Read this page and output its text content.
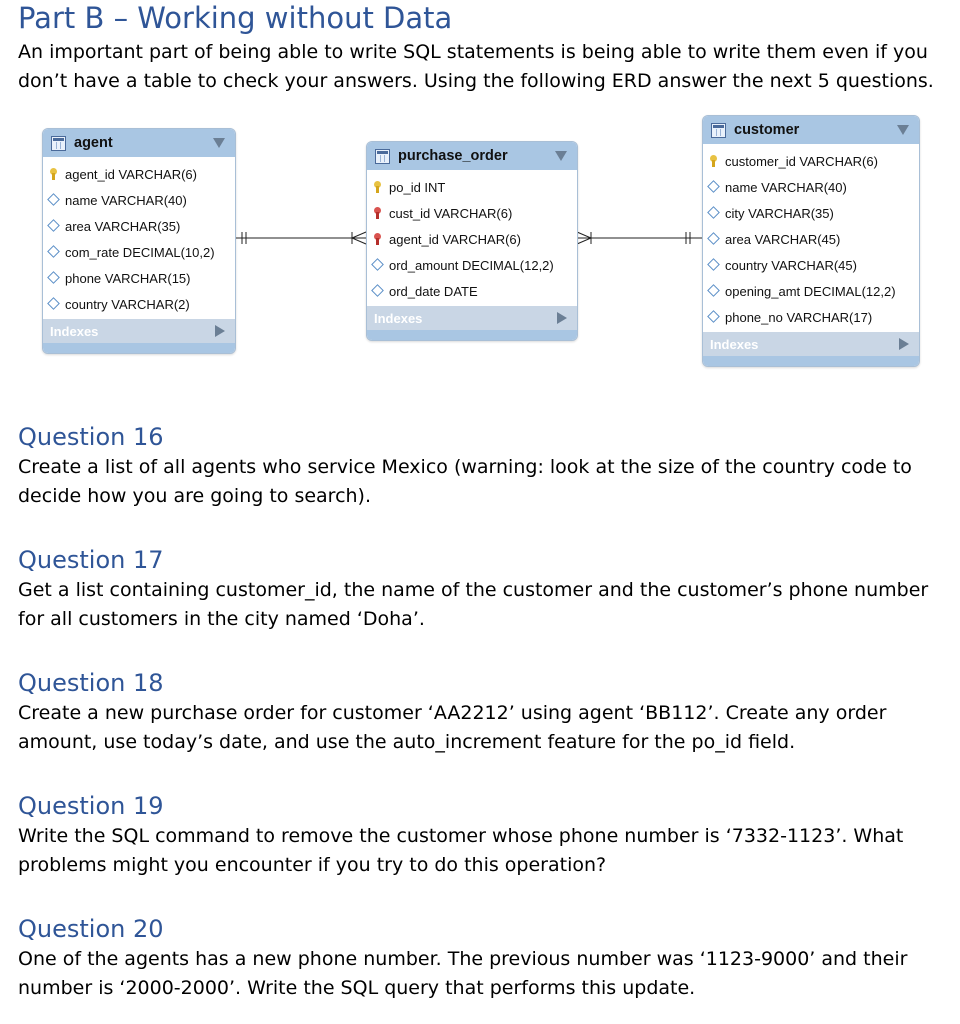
Part B – Working without Data

An important part of being able to write SQL statements is being able to write them even if you don’t have a table to check your answers. Using the following ERD answer the next 5 questions.

agent
agent_id VARCHAR(6)
name VARCHAR(40)
area VARCHAR(35)
com_rate DECIMAL(10,2)
phone VARCHAR(15)
country VARCHAR(2)
Indexes
purchase_order
po_id INT
cust_id VARCHAR(6)
agent_id VARCHAR(6)
ord_amount DECIMAL(12,2)
ord_date DATE
Indexes
customer
customer_id VARCHAR(6)
name VARCHAR(40)
city VARCHAR(35)
area VARCHAR(45)
country VARCHAR(45)
opening_amt DECIMAL(12,2)
phone_no VARCHAR(17)
Indexes
Question 16

Create a list of all agents who service Mexico (warning: look at the size of the country code to decide how you are going to search).

Question 17

Get a list containing customer_id, the name of the customer and the customer’s phone number for all customers in the city named ‘Doha’.

Question 18

Create a new purchase order for customer ‘AA2212’ using agent ‘BB112’. Create any order amount, use today’s date, and use the auto_increment feature for the po_id field.

Question 19

Write the SQL command to remove the customer whose phone number is ‘7332-1123’. What problems might you encounter if you try to do this operation?

Question 20

One of the agents has a new phone number. The previous number was ‘1123-9000’ and their number is ‘2000-2000’. Write the SQL query that performs this update.
